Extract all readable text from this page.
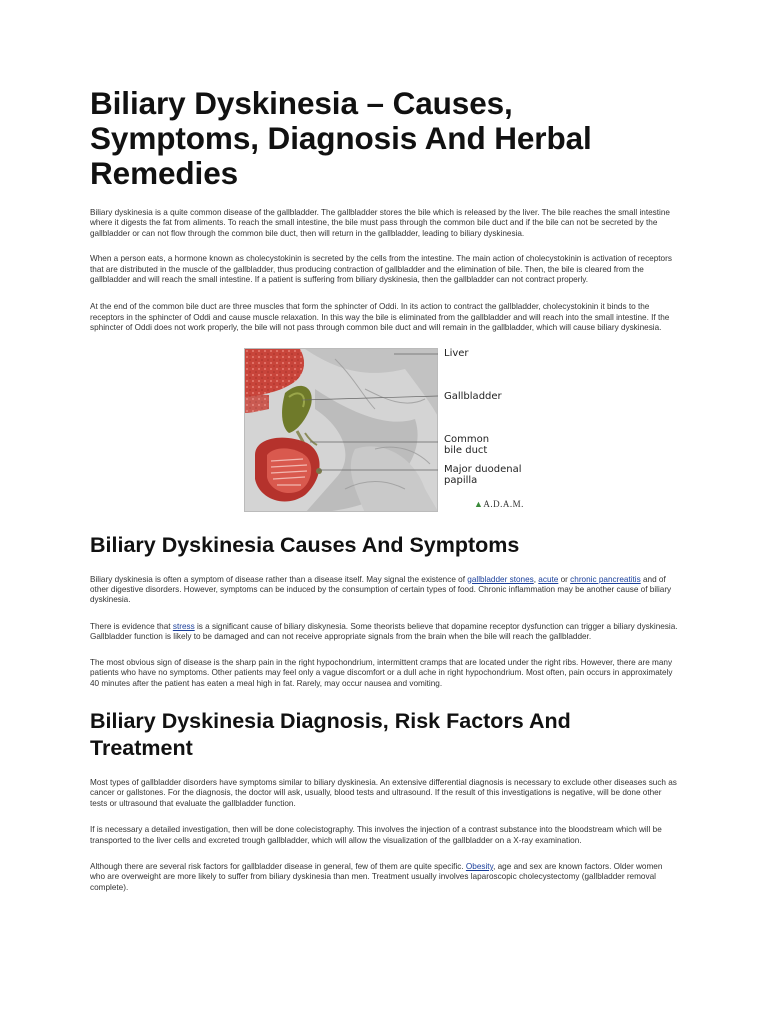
Biliary Dyskinesia – Causes, Symptoms, Diagnosis And Herbal Remedies

Biliary dyskinesia is a quite common disease of the gallbladder. The gallbladder stores the bile which is released by the liver. The bile reaches the small intestine where it digests the fat from aliments. To reach the small intestine, the bile must pass through the common bile duct and if the bile can not be secreted by the gallbladder or can not flow through the common bile duct, then will return in the gallbladder, leading to biliary dyskinesia.

When a person eats, a hormone known as cholecystokinin is secreted by the cells from the intestine. The main action of cholecystokinin is activation of receptors that are distributed in the muscle of the gallbladder, thus producing contraction of gallbladder and the elimination of bile. Then, the bile is cleared from the gallbladder and will reach the small intestine. If a patient is suffering from biliary dyskinesia, then the gallbladder can not contract properly.

At the end of the common bile duct are three muscles that form the sphincter of Oddi. In its action to contract the gallbladder, cholecystokinin it binds to the receptors in the sphincter of Oddi and cause muscle relaxation. In this way the bile is eliminated from the gallbladder and will reach into the small intestine. If the sphincter of Oddi does not work properly, the bile will not pass through common bile duct and will remain in the gallbladder, which will cause biliary dyskinesia.

Liver
Gallbladder
Common
bile duct
Major duodenal
papilla
▲A.D.A.M.
Biliary Dyskinesia Causes And Symptoms

Biliary dyskinesia is often a symptom of disease rather than a disease itself. May signal the existence of gallbladder stones, acute or chronic pancreatitis and of other digestive disorders. However, symptoms can be induced by the consumption of certain types of food. Chronic inflammation may be another cause of biliary dyskinesia.

There is evidence that stress is a significant cause of biliary diskynesia. Some theorists believe that dopamine receptor dysfunction can trigger a biliary dyskinesia. Gallbladder function is likely to be damaged and can not receive appropriate signals from the brain when the bile will reach the gallbladder.

The most obvious sign of disease is the sharp pain in the right hypochondrium, intermittent cramps that are located under the right ribs. However, there are many patients who have no symptoms. Other patients may feel only a vague discomfort or a dull ache in right hypochondrium. Most often, pain occurs in approximately 40 minutes after the patient has eaten a meal high in fat. Rarely, may occur nausea and vomiting.

Biliary Dyskinesia Diagnosis, Risk Factors And Treatment

Most types of gallbladder disorders have symptoms similar to biliary dyskinesia. An extensive differential diagnosis is necessary to exclude other diseases such as cancer or gallstones. For the diagnosis, the doctor will ask, usually, blood tests and ultrasound. If the result of this investigations is negative, will be done other tests or ultrasound that evaluate the gallbladder function.

If is necessary a detailed investigation, then will be done colecistography. This involves the injection of a contrast substance into the bloodstream which will be transported to the liver cells and excreted trough gallbladder, which will allow the visualization of the gallbladder on a X-ray examination.

Although there are several risk factors for gallbladder disease in general, few of them are quite specific. Obesity, age and sex are known factors. Older women who are overweight are more likely to suffer from biliary dyskinesia than men. Treatment usually involves laparoscopic cholecystectomy (gallbladder removal complete).
